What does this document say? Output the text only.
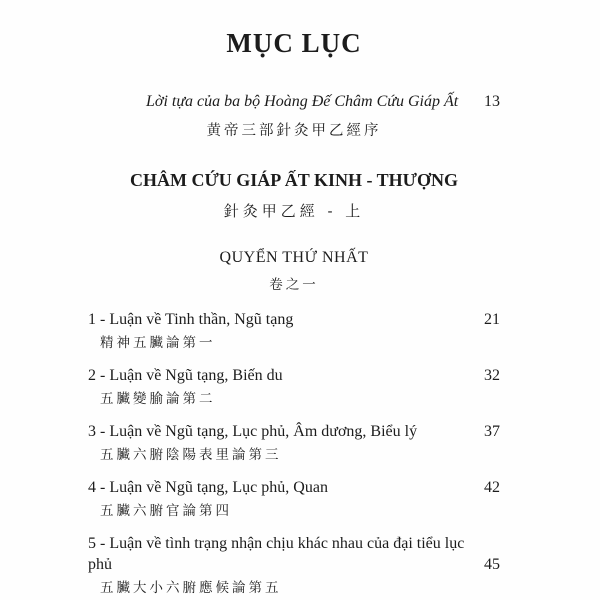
MỤC LỤC
Lời tựa của ba bộ Hoàng Đế Châm Cứu Giáp Ất 13
黄帝三部針灸甲乙經序
CHÂM CỨU GIÁP ẤT KINH - THƯỢNG
針灸甲乙經 - 上
QUYỂN THỨ NHẤT
卷之一
1 - Luận về Tinh thần, Ngũ tạng	21
精神五臟論第一
2 - Luận về Ngũ tạng, Biến du	32
五臟變腧論第二
3 - Luận về Ngũ tạng, Lục phủ, Âm dương, Biểu lý	37
五臟六腑陰陽表里論第三
4 - Luận về Ngũ tạng, Lục phủ, Quan	42
五臟六腑官論第四
5 - Luận về tình trạng nhận chịu khác nhau của đại tiểu lục phủ	45
五臟大小六腑應候論第五
